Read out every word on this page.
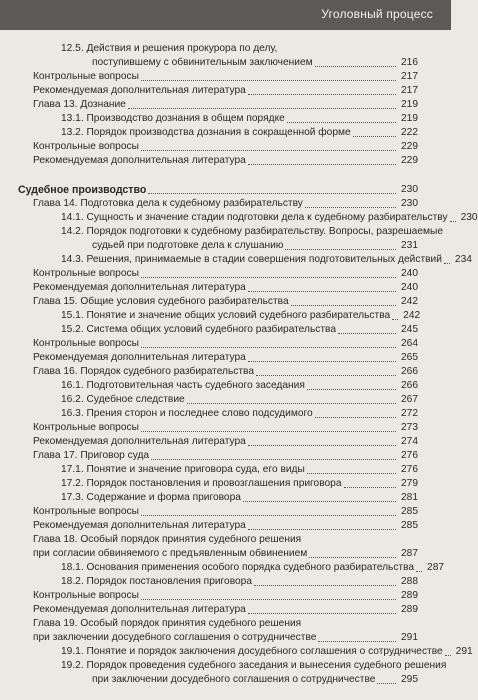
Уголовный процесс
12.5. Действия и решения прокурора по делу,
поступившему с обвинительным заключением	216
Контрольные вопросы	217
Рекомендуемая дополнительная литература	217
Глава 13. Дознание	219
13.1. Производство дознания в общем порядке	219
13.2. Порядок производства дознания в сокращенной форме	222
Контрольные вопросы	229
Рекомендуемая дополнительная литература	229
Судебное производство	230
Глава 14. Подготовка дела к судебному разбирательству	230
14.1. Сущность и значение стадии подготовки дела к судебному разбирательству 230
14.2. Порядок подготовки к судебному разбирательству. Вопросы, разрешаемые
судьей при подготовке дела к слушанию	231
14.3. Решения, принимаемые в стадии совершения подготовительных действий 234
Контрольные вопросы	240
Рекомендуемая дополнительная литература	240
Глава 15. Общие условия судебного разбирательства	242
15.1. Понятие и значение общих условий судебного разбирательства 242
15.2. Система общих условий судебного разбирательства	245
Контрольные вопросы	264
Рекомендуемая дополнительная литература	265
Глава 16. Порядок судебного разбирательства	266
16.1. Подготовительная часть судебного заседания	266
16.2. Судебное следствие	267
16.3. Прения сторон и последнее слово подсудимого	272
Контрольные вопросы	273
Рекомендуемая дополнительная литература	274
Глава 17. Приговор суда	276
17.1. Понятие и значение приговора суда, его виды	276
17.2. Порядок постановления и провозглашения приговора	279
17.3. Содержание и форма приговора	281
Контрольные вопросы	285
Рекомендуемая дополнительная литература	285
Глава 18. Особый порядок принятия судебного решения
при согласии обвиняемого с предъявленным обвинением	287
18.1. Основания применения особого порядка судебного разбирательства 287
18.2. Порядок постановления приговора	288
Контрольные вопросы	289
Рекомендуемая дополнительная литература	289
Глава 19. Особый порядок принятия судебного решения
при заключении досудебного соглашения о сотрудничестве	291
19.1. Понятие и порядок заключения досудебного соглашения о сотрудничестве 291
19.2. Порядок проведения судебного заседания и вынесения судебного решения
при заключении досудебного соглашения о сотрудничестве	295
